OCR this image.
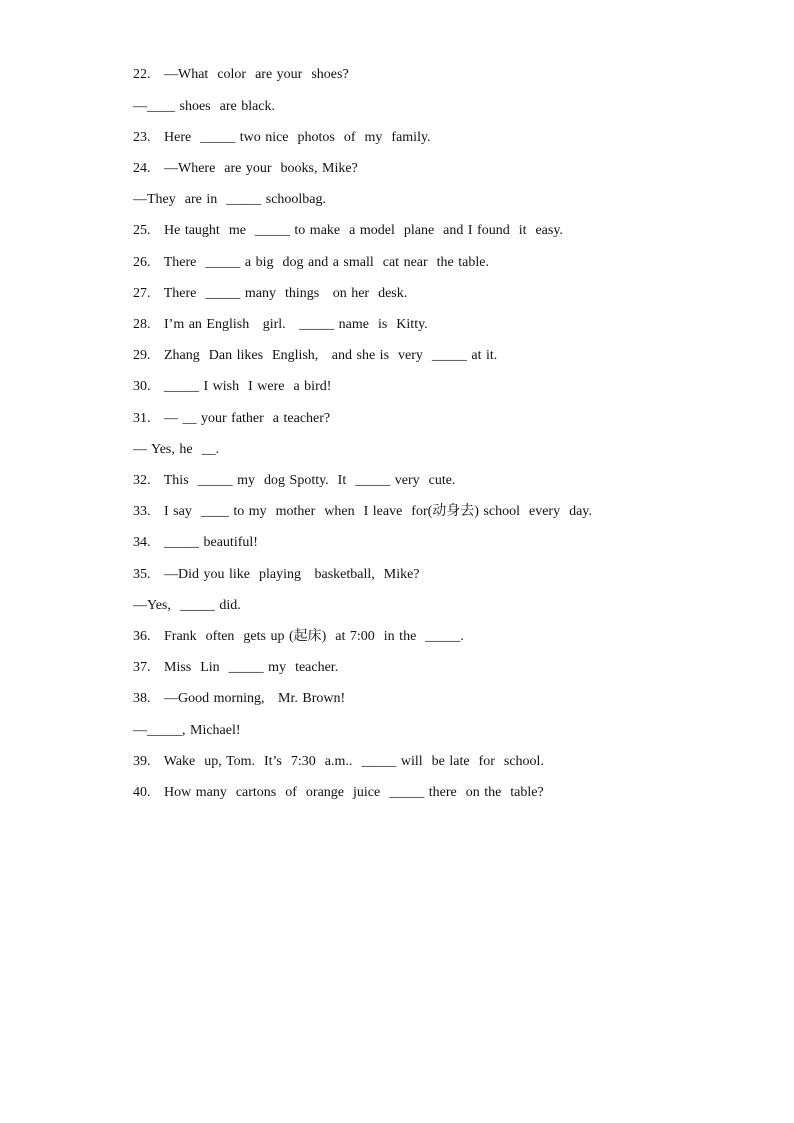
22.   —What  color  are your  shoes?
—____ shoes  are black.
23.   Here  _____ two nice  photos  of  my  family.
24.   —Where  are your  books, Mike?
—They  are in  _____ schoolbag.
25.   He taught  me  _____ to make  a model  plane  and I found  it  easy.
26.   There  _____ a big  dog and a small  cat near  the table.
27.   There  _____ many  things   on her  desk.
28.   I’m an English   girl.   _____ name  is  Kitty.
29.   Zhang  Dan likes  English,   and she is  very  _____ at it.
30.   _____ I wish  I were  a bird!
31.   — __ your father  a teacher?
— Yes, he  __.
32.   This  _____ my  dog Spotty.  It  _____ very  cute.
33.   I say  ____ to my  mother  when  I leave  for(动身去) school  every  day.
34.   _____ beautiful!
35.   —Did you like  playing   basketball,  Mike?
—Yes,  _____ did.
36.   Frank  often  gets up (起床)  at 7:00  in the  _____.
37.   Miss  Lin  _____ my  teacher.
38.   —Good morning,   Mr. Brown!
—_____, Michael!
39.   Wake  up, Tom.  It’s  7:30  a.m..  _____ will  be late  for  school.
40.   How many  cartons  of  orange  juice  _____ there  on the  table?
